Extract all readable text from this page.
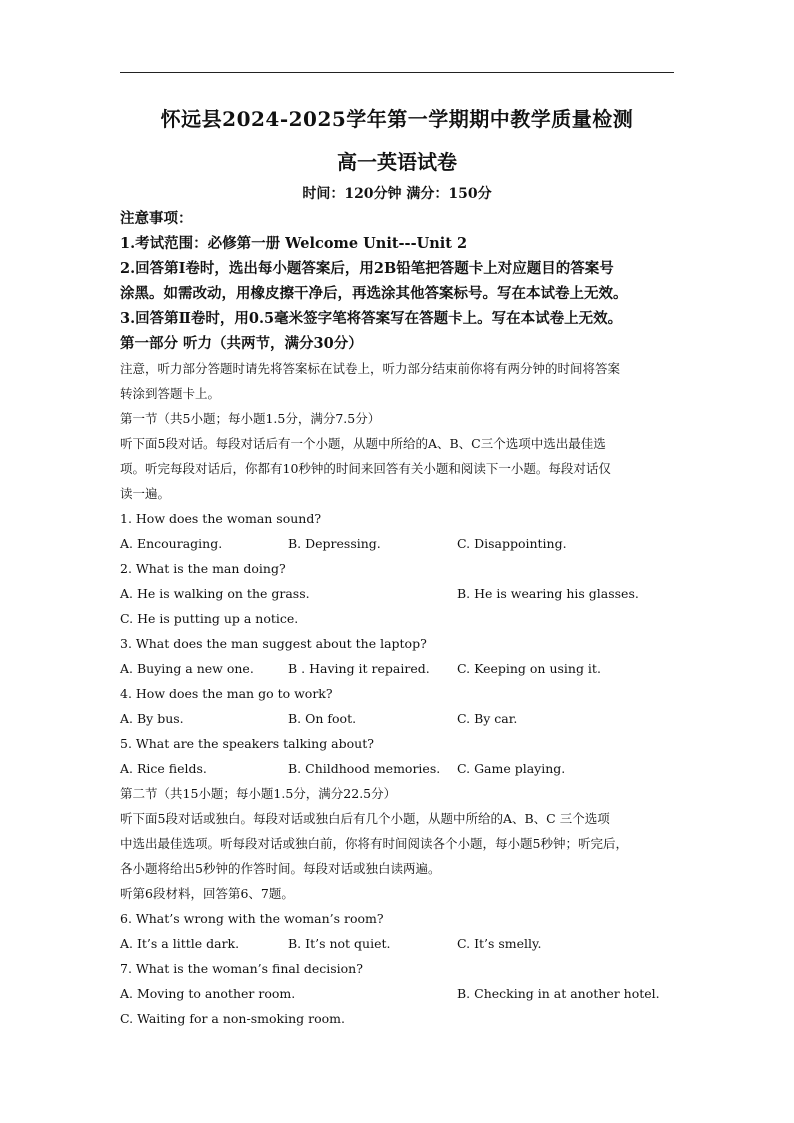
怀远县2024-2025学年第一学期期中教学质量检测
高一英语试卷
时间：120分钟 满分：150分
注意事项：
1.考试范围：必修第一册 Welcome Unit---Unit 2
2.回答第Ⅰ卷时，选出每小题答案后，用2B铅笔把答题卡上对应题目的答案号
涂黑。如需改动，用橡皮擦干净后，再选涂其他答案标号。写在本试卷上无效。
3.回答第Ⅱ卷时，用0.5毫米签字笔将答案写在答题卡上。写在本试卷上无效。
第一部分 听力（共两节，满分30分）
注意，听力部分答题时请先将答案标在试卷上，听力部分结束前你将有两分钟的时间将答案
转涂到答题卡上。
第一节（共5小题；每小题1.5分，满分7.5分）
听下面5段对话。每段对话后有一个小题，从题中所给的A、B、C三个选项中选出最佳选
项。听完每段对话后，你都有10秒钟的时间来回答有关小题和阅读下一小题。每段对话仅
读一遍。
1. How does the woman sound?
A. Encouraging.	B. Depressing.	C. Disappointing.
2. What is the man doing?
A. He is walking on the grass.	B. He is wearing his glasses.
C. He is putting up a notice.
3. What does the man suggest about the laptop?
A. Buying a new one.	B . Having it repaired. C. Keeping on using it.
4. How does the man go to work?
A. By bus.	B. On foot.	C. By car.
5. What are the speakers talking about?
A. Rice fields.	B. Childhood memories. C. Game playing.
第二节（共15小题；每小题1.5分，满分22.5分）
听下面5段对话或独白。每段对话或独白后有几个小题，从题中所给的A、B、C 三个选项
中选出最佳选项。听每段对话或独白前，你将有时间阅读各个小题，每小题5秒钟；听完后，
各小题将给出5秒钟的作答时间。每段对话或独白读两遍。
听第6段材料，回答第6、7题。
6. What’s wrong with the woman’s room?
A. It’s a little dark.	B. It’s not quiet.	C. It’s smelly.
7. What is the woman’s final decision?
A. Moving to another room.	B. Checking in at another hotel.
C. Waiting for a non-smoking room.
